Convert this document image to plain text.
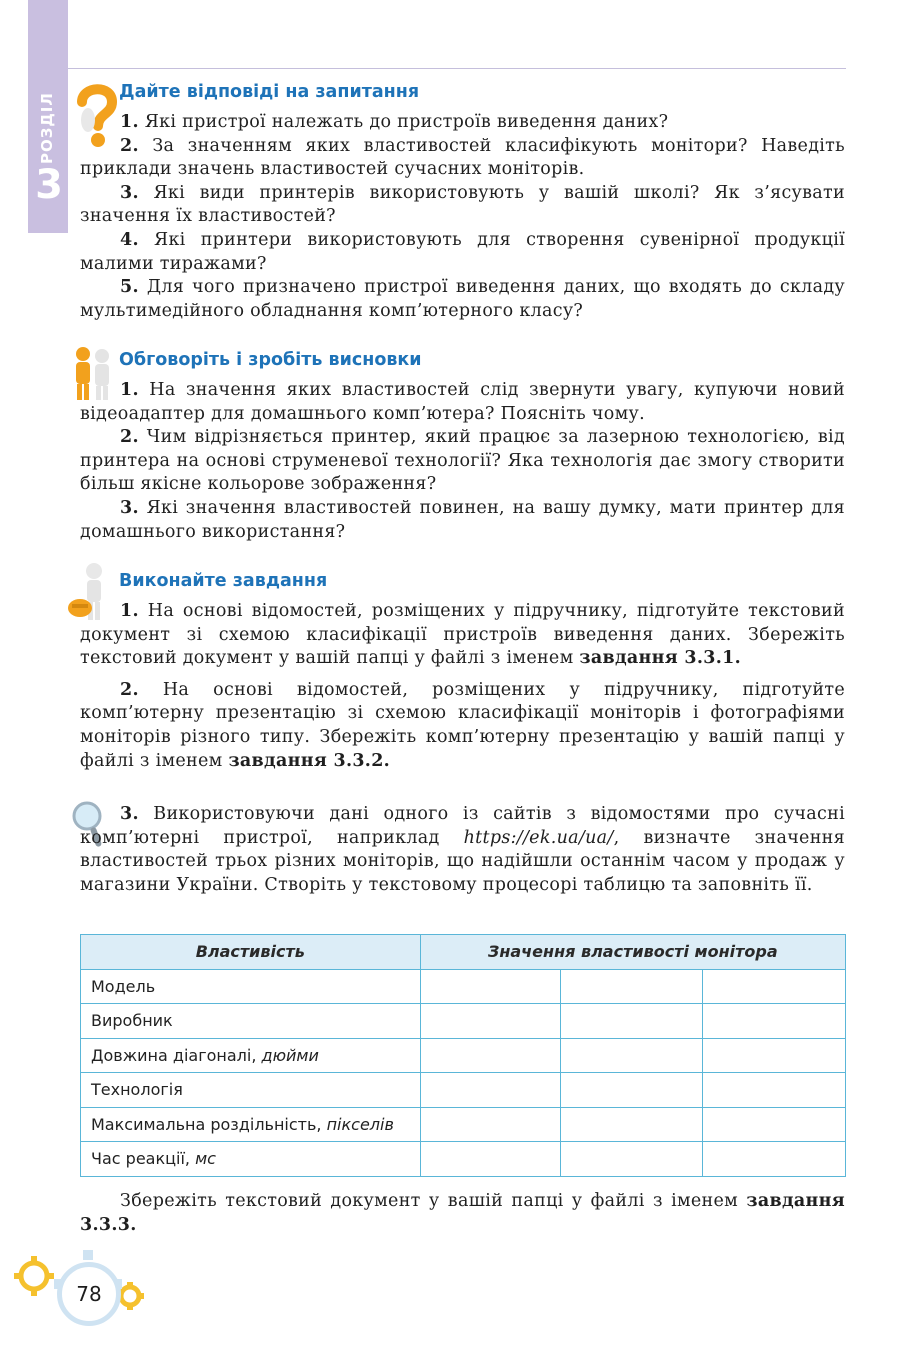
РОЗДІЛ
3
Дайте відповіді на запитання

1. Які пристрої належать до пристроїв виведення даних?

2. За значенням яких властивостей класифікують монітори? Наведіть приклади значень властивостей сучасних моніторів.

3. Які види принтерів використовують у вашій школі? Як з’ясувати значення їх властивостей?

4. Які принтери використовують для створення сувенірної продукції малими тиражами?

5. Для чого призначено пристрої виведення даних, що входять до складу мультимедійного обладнання комп’ютерного класу?

Обговоріть і зробіть висновки

1. На значення яких властивостей слід звернути увагу, купуючи новий відеоадаптер для домашнього комп’ютера? Поясніть чому.

2. Чим відрізняється принтер, який працює за лазерною технологією, від принтера на основі струменевої технології? Яка технологія дає змогу створити більш якісне кольорове зображення?

3. Які значення властивостей повинен, на вашу думку, мати принтер для домашнього використання?

Виконайте завдання

1. На основі відомостей, розміщених у підручнику, підготуйте текстовий документ зі схемою класифікації пристроїв виведення даних. Збережіть текстовий документ у вашій папці у файлі з іменем завдання 3.3.1.

2. На основі відомостей, розміщених у підручнику, підготуйте комп’ютерну презентацію зі схемою класифікації моніторів і фотографіями моніторів різного типу. Збережіть комп’ютерну презентацію у вашій папці у файлі з іменем завдання 3.3.2.

3. Використовуючи дані одного із сайтів з відомостями про сучасні комп’ютерні пристрої, наприклад https://ek.ua/ua/, визначте значення властивостей трьох різних моніторів, що надійшли останнім часом у продаж у магазини України. Створіть у текстовому процесорі таблицю та заповніть її.

Властивість	Значення властивості монітора		
Модель			
Виробник			
Довжина діагоналі, дюйми			
Технологія			
Максимальна роздільність, пікселів			
Час реакції, мс			

Збережіть текстовий документ у вашій папці у файлі з іменем завдання 3.3.3.

78
